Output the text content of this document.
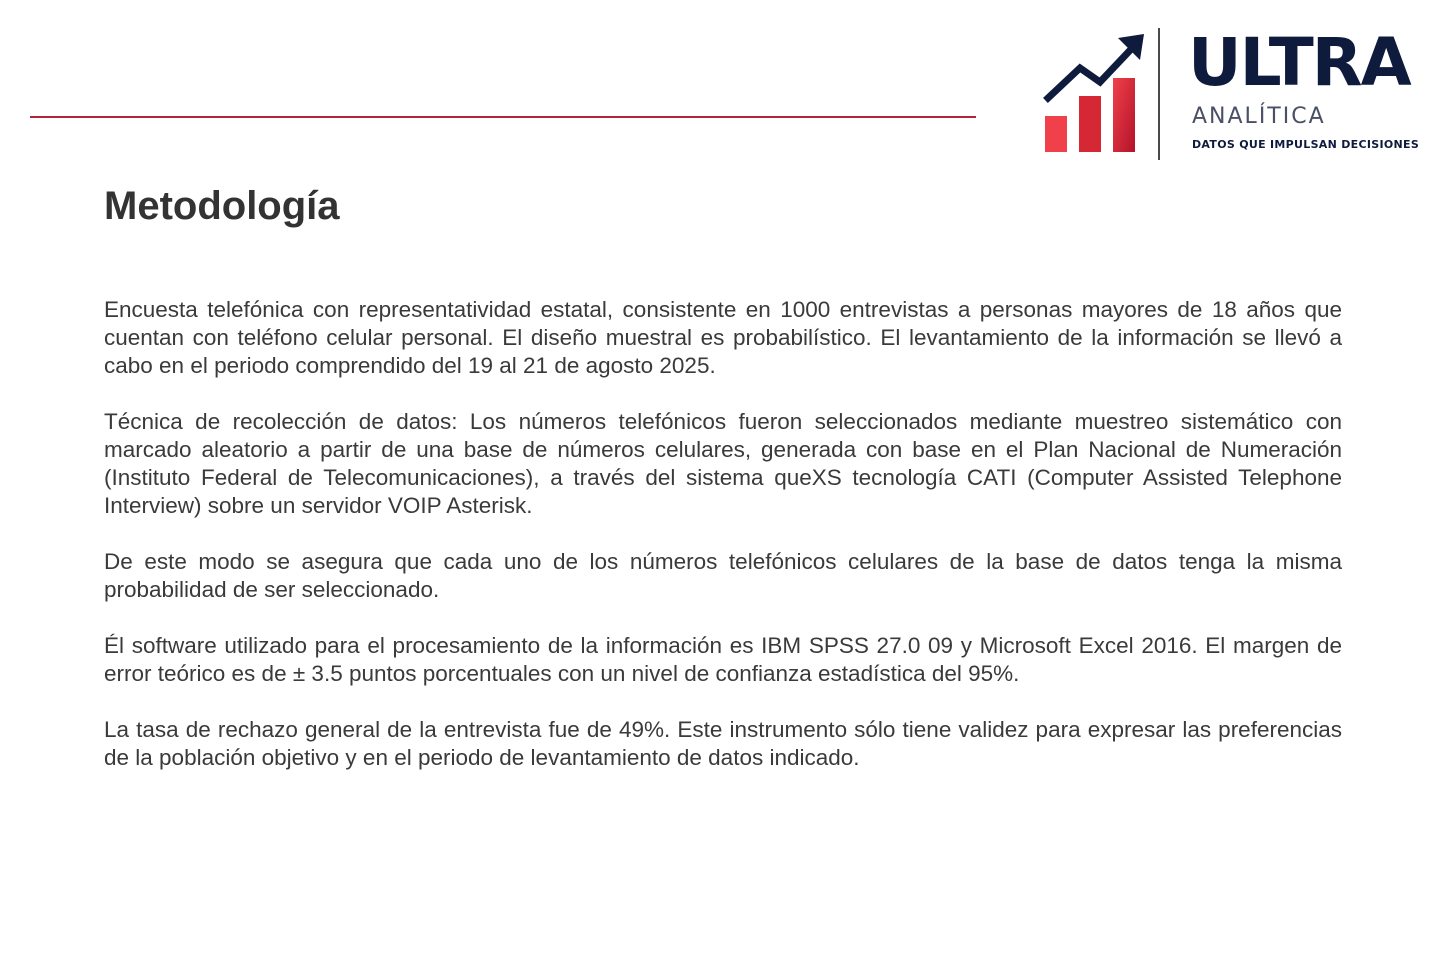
ULTRA
ANALÍTICA
DATOS QUE IMPULSAN DECISIONES
Metodología

Encuesta telefónica con representatividad estatal, consistente en 1000 entrevistas a personas mayores de 18 años que cuentan con teléfono celular personal. El diseño muestral es probabilístico. El levantamiento de la información se llevó a cabo en el periodo comprendido del 19 al 21 de agosto 2025.

Técnica de recolección de datos: Los números telefónicos fueron seleccionados mediante muestreo sistemático con marcado aleatorio a partir de una base de números celulares, generada con base en el Plan Nacional de Numeración (Instituto Federal de Telecomunicaciones), a través del sistema queXS tecnología CATI (Computer Assisted Telephone Interview) sobre un servidor VOIP Asterisk.

De este modo se asegura que cada uno de los números telefónicos celulares de la base de datos tenga la misma probabilidad de ser seleccionado.

Él software utilizado para el procesamiento de la información es IBM SPSS 27.0 09 y Microsoft Excel 2016. El margen de error teórico es de ± 3.5 puntos porcentuales con un nivel de confianza estadística del 95%.

La tasa de rechazo general de la entrevista fue de 49%. Este instrumento sólo tiene validez para expresar las preferencias de la población objetivo y en el periodo de levantamiento de datos indicado.
